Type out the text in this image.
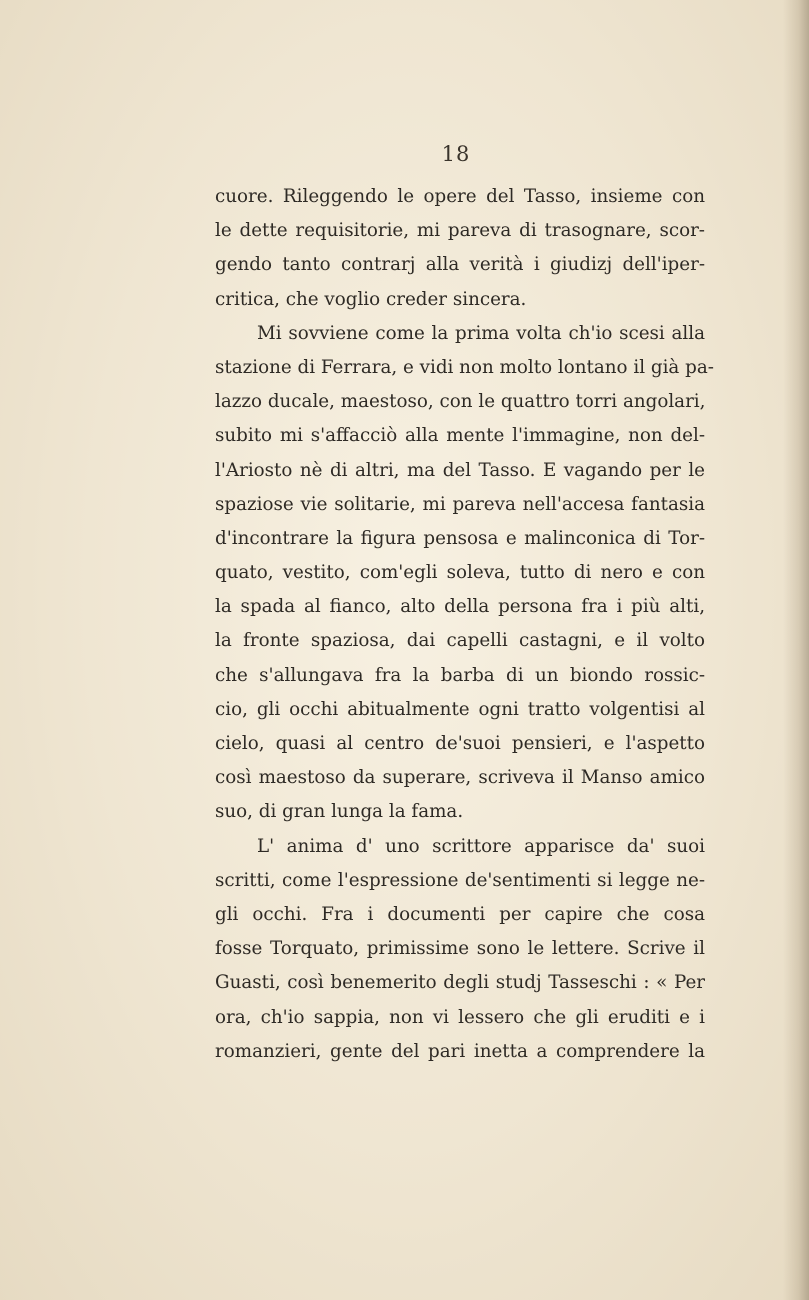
18
cuore. Rileggendo le opere del Tasso, insieme con
le dette requisitorie, mi pareva di trasognare, scor-
gendo tanto contrarj alla verità i giudizj dell'iper-
critica, che voglio creder sincera.
Mi sovviene come la prima volta ch'io scesi alla
stazione di Ferrara, e vidi non molto lontano il già pa-
lazzo ducale, maestoso, con le quattro torri angolari,
subito mi s'affacciò alla mente l'immagine, non del-
l'Ariosto nè di altri, ma del Tasso. E vagando per le
spaziose vie solitarie, mi pareva nell'accesa fantasia
d'incontrare la figura pensosa e malinconica di Tor-
quato, vestito, com'egli soleva, tutto di nero e con
la spada al fianco, alto della persona fra i più alti,
la fronte spaziosa, dai capelli castagni, e il volto
che s'allungava fra la barba di un biondo rossic-
cio, gli occhi abitualmente ogni tratto volgentisi al
cielo, quasi al centro de'suoi pensieri, e l'aspetto
così maestoso da superare, scriveva il Manso amico
suo, di gran lunga la fama.
L' anima d' uno scrittore apparisce da' suoi
scritti, come l'espressione de'sentimenti si legge ne-
gli occhi. Fra i documenti per capire che cosa
fosse Torquato, primissime sono le lettere. Scrive il
Guasti, così benemerito degli studj Tasseschi : « Per
ora, ch'io sappia, non vi lessero che gli eruditi e i
romanzieri, gente del pari inetta a comprendere la
